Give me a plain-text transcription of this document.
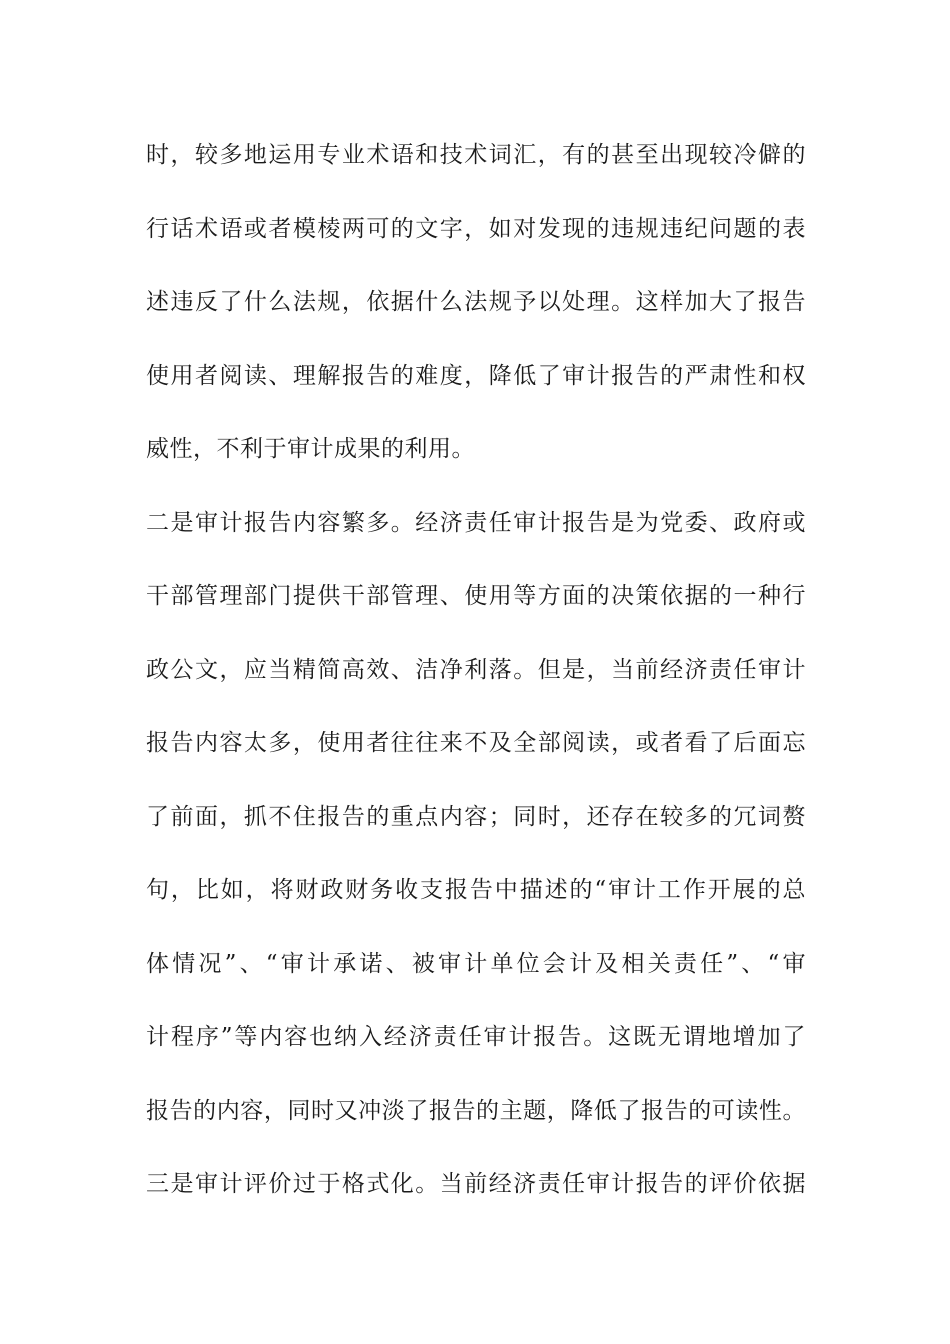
时，较多地运用专业术语和技术词汇，有的甚至出现较冷僻的
行话术语或者模棱两可的文字，如对发现的违规违纪问题的表
述违反了什么法规，依据什么法规予以处理。这样加大了报告
使用者阅读、理解报告的难度，降低了审计报告的严肃性和权
威性，不利于审计成果的利用。
二是审计报告内容繁多。经济责任审计报告是为党委、政府或
干部管理部门提供干部管理、使用等方面的决策依据的一种行
政公文，应当精简高效、洁净利落。但是，当前经济责任审计
报告内容太多，使用者往往来不及全部阅读，或者看了后面忘
了前面，抓不住报告的重点内容；同时，还存在较多的冗词赘
句，比如，将财政财务收支报告中描述的“审计工作开展的总
体情况”、“审计承诺、被审计单位会计及相关责任”、“审
计程序”等内容也纳入经济责任审计报告。这既无谓地增加了
报告的内容，同时又冲淡了报告的主题，降低了报告的可读性。
三是审计评价过于格式化。当前经济责任审计报告的评价依据
